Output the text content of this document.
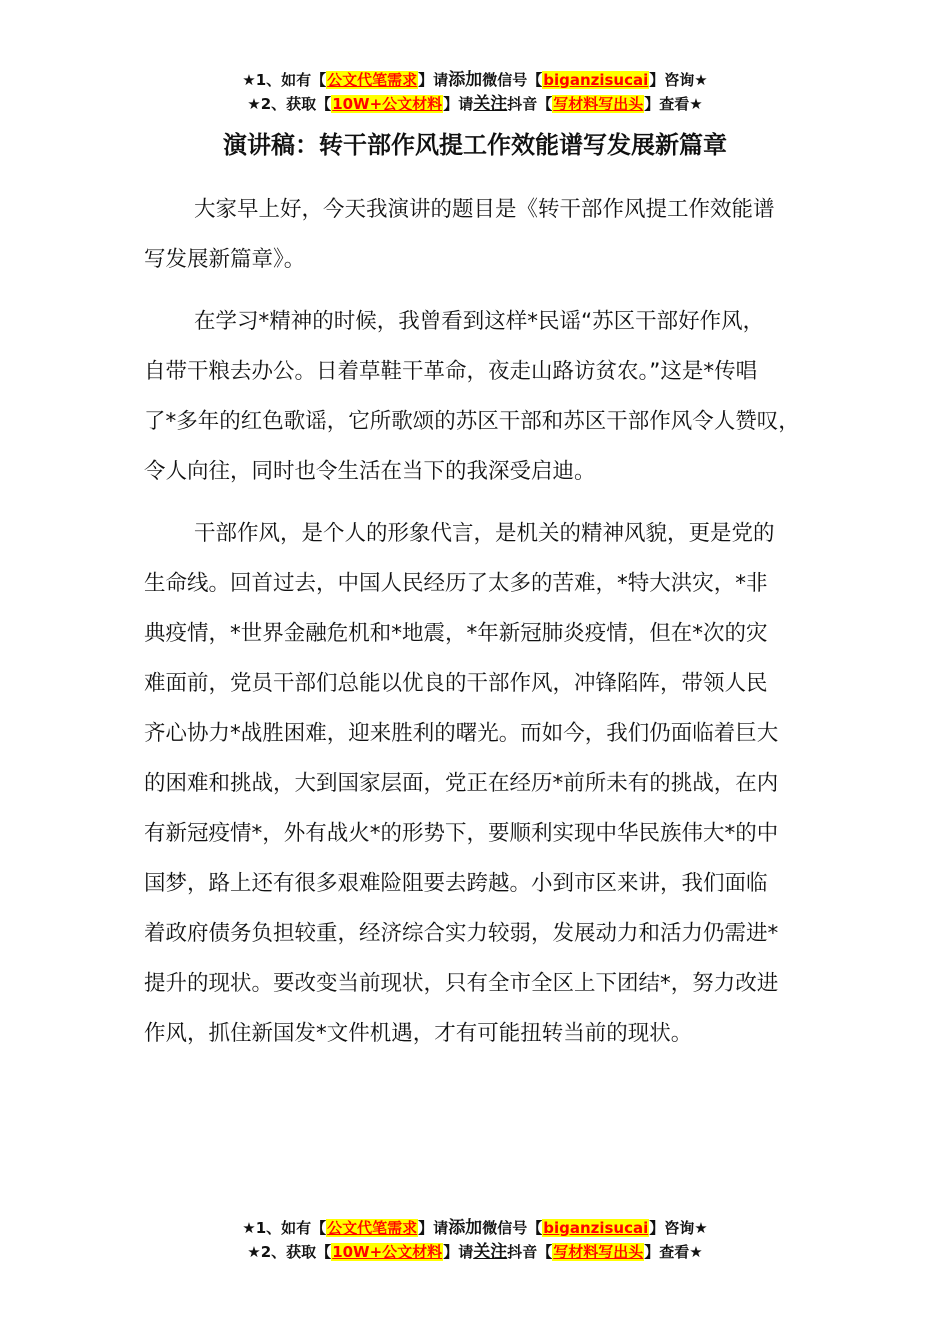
★1、如有【公文代笔需求】请添加微信号【biganzisucai】咨询★
★2、获取【10W+公文材料】请关注抖音【写材料写出头】查看★
演讲稿：转干部作风提工作效能谱写发展新篇章
大家早上好，今天我演讲的题目是《转干部作风提工作效能谱
写发展新篇章》。
在学习*精神的时候，我曾看到这样*民谣“苏区干部好作风，
自带干粮去办公。日着草鞋干革命，夜走山路访贫农。”这是*传唱
了*多年的红色歌谣，它所歌颂的苏区干部和苏区干部作风令人赞叹，
令人向往，同时也令生活在当下的我深受启迪。
干部作风，是个人的形象代言，是机关的精神风貌，更是党的
生命线。回首过去，中国人民经历了太多的苦难，*特大洪灾，*非
典疫情，*世界金融危机和*地震，*年新冠肺炎疫情，但在*次的灾
难面前，党员干部们总能以优良的干部作风，冲锋陷阵，带领人民
齐心协力*战胜困难，迎来胜利的曙光。而如今，我们仍面临着巨大
的困难和挑战，大到国家层面，党正在经历*前所未有的挑战，在内
有新冠疫情*，外有战火*的形势下，要顺利实现中华民族伟大*的中
国梦，路上还有很多艰难险阻要去跨越。小到市区来讲，我们面临
着政府债务负担较重，经济综合实力较弱，发展动力和活力仍需进*
提升的现状。要改变当前现状，只有全市全区上下团结*，努力改进
作风，抓住新国发*文件机遇，才有可能扭转当前的现状。
★1、如有【公文代笔需求】请添加微信号【biganzisucai】咨询★
★2、获取【10W+公文材料】请关注抖音【写材料写出头】查看★
